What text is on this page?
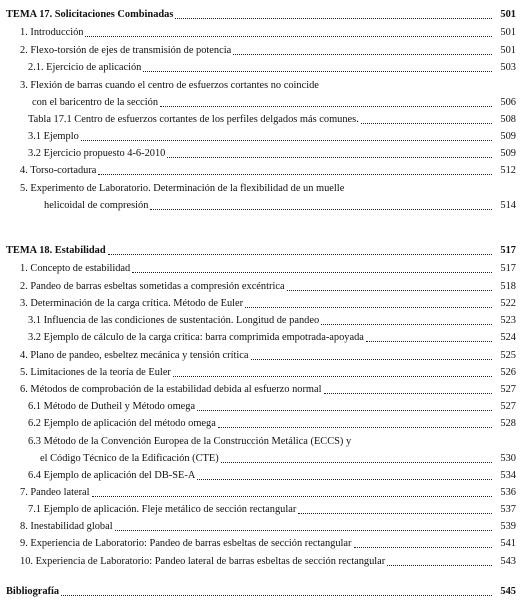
TEMA 17. Solicitaciones Combinadas	501
1. Introducción	501
2. Flexo-torsión de ejes de transmisión de potencia	501
2.1. Ejercicio de aplicación	503
3. Flexión de barras cuando el centro de esfuerzos cortantes no coincide
con el baricentro de la sección	506
Tabla 17.1 Centro de esfuerzos cortantes de los perfiles delgados más comunes.	508
3.1 Ejemplo	509
3.2 Ejercicio propuesto 4-6-2010	509
4. Torso-cortadura	512
5. Experimento de Laboratorio. Determinación de la flexibilidad de un muelle
helicoidal de compresión	514
TEMA 18. Estabilidad	517
1. Concepto de estabilidad	517
2. Pandeo de barras esbeltas sometidas a compresión excéntrica	518
3. Determinación de la carga crítica. Método de Euler	522
3.1 Influencia de las condiciones de sustentación. Longitud de pandeo	523
3.2 Ejemplo de cálculo de la carga crítica: barra comprimida empotrada-apoyada	524
4. Plano de pandeo, esbeltez mecánica y tensión crítica	525
5. Limitaciones de la teoría de Euler	526
6. Métodos de comprobación de la estabilidad debida al esfuerzo normal	527
6.1 Método de Dutheil y Método omega	527
6.2 Ejemplo de aplicación del método omega	528
6.3 Método de la Convención Europea de la Construcción Metálica (ECCS) y
el Código Técnico de la Edificación (CTE)	530
6.4 Ejemplo de aplicación del DB-SE-A	534
7. Pandeo lateral	536
7.1 Ejemplo de aplicación. Fleje metálico de sección rectangular	537
8. Inestabilidad global	539
9. Experiencia de Laboratorio: Pandeo de barras esbeltas de sección rectangular	541
10. Experiencia de Laboratorio: Pandeo lateral de barras esbeltas de sección rectangular	543
Bibliografía	545
